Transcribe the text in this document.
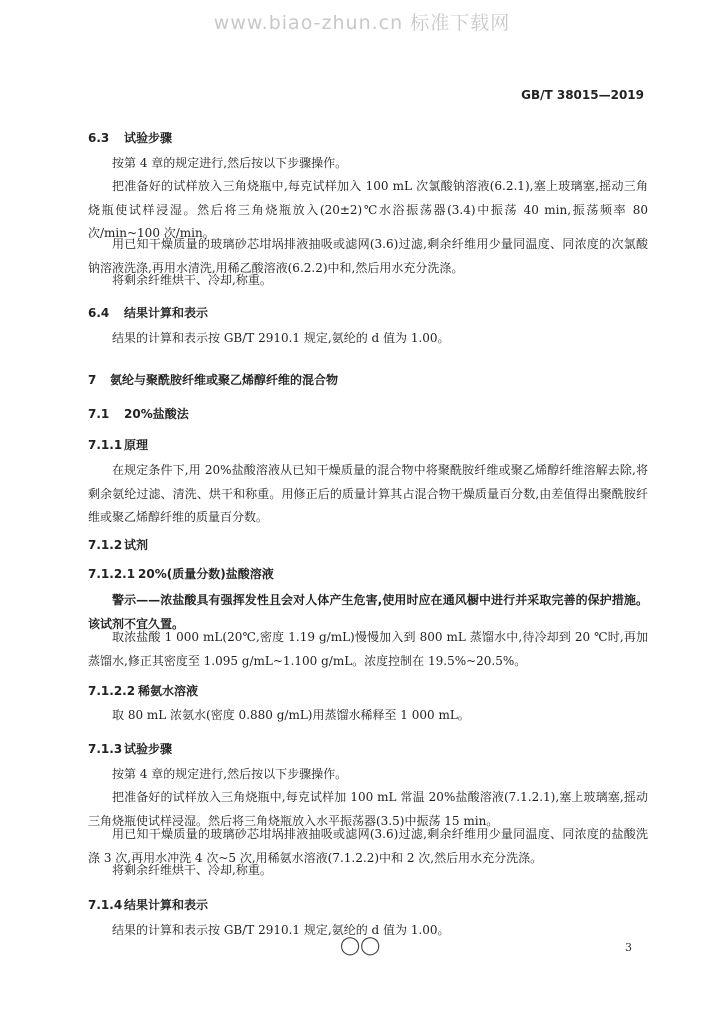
www.biao-zhun.cn 标准下载网
GB/T 38015—2019
6.3 试验步骤

按第 4 章的规定进行,然后按以下步骤操作。

把准备好的试样放入三角烧瓶中,每克试样加入 100 mL 次氯酸钠溶液(6.2.1),塞上玻璃塞,摇动三角烧瓶使试样浸湿。然后将三角烧瓶放入(20±2)℃水浴振荡器(3.4)中振荡 40 min,振荡频率 80 次/min~100 次/min。

用已知干燥质量的玻璃砂芯坩埚排液抽吸或滤网(3.6)过滤,剩余纤维用少量同温度、同浓度的次氯酸钠溶液洗涤,再用水清洗,用稀乙酸溶液(6.2.2)中和,然后用水充分洗涤。

将剩余纤维烘干、冷却,称重。

6.4 结果计算和表示

结果的计算和表示按 GB/T 2910.1 规定,氨纶的 d 值为 1.00。

7 氨纶与聚酰胺纤维或聚乙烯醇纤维的混合物
7.1 20%盐酸法
7.1.1 原理

在规定条件下,用 20%盐酸溶液从已知干燥质量的混合物中将聚酰胺纤维或聚乙烯醇纤维溶解去除,将剩余氨纶过滤、清洗、烘干和称重。用修正后的质量计算其占混合物干燥质量百分数,由差值得出聚酰胺纤维或聚乙烯醇纤维的质量百分数。

7.1.2 试剂
7.1.2.1 20%(质量分数)盐酸溶液

警示——浓盐酸具有强挥发性且会对人体产生危害,使用时应在通风橱中进行并采取完善的保护措施。该试剂不宜久置。

取浓盐酸 1 000 mL(20℃,密度 1.19 g/mL)慢慢加入到 800 mL 蒸馏水中,待冷却到 20 ℃时,再加蒸馏水,修正其密度至 1.095 g/mL~1.100 g/mL。浓度控制在 19.5%~20.5%。

7.1.2.2 稀氨水溶液

取 80 mL 浓氨水(密度 0.880 g/mL)用蒸馏水稀释至 1 000 mL。

7.1.3 试验步骤

按第 4 章的规定进行,然后按以下步骤操作。

把准备好的试样放入三角烧瓶中,每克试样加 100 mL 常温 20%盐酸溶液(7.1.2.1),塞上玻璃塞,摇动三角烧瓶使试样浸湿。然后将三角烧瓶放入水平振荡器(3.5)中振荡 15 min。

用已知干燥质量的玻璃砂芯坩埚排液抽吸或滤网(3.6)过滤,剩余纤维用少量同温度、同浓度的盐酸洗涤 3 次,再用水冲洗 4 次~5 次,用稀氨水溶液(7.1.2.2)中和 2 次,然后用水充分洗涤。

将剩余纤维烘干、冷却,称重。

7.1.4 结果计算和表示

结果的计算和表示按 GB/T 2910.1 规定,氨纶的 d 值为 1.00。

◯◯	3
